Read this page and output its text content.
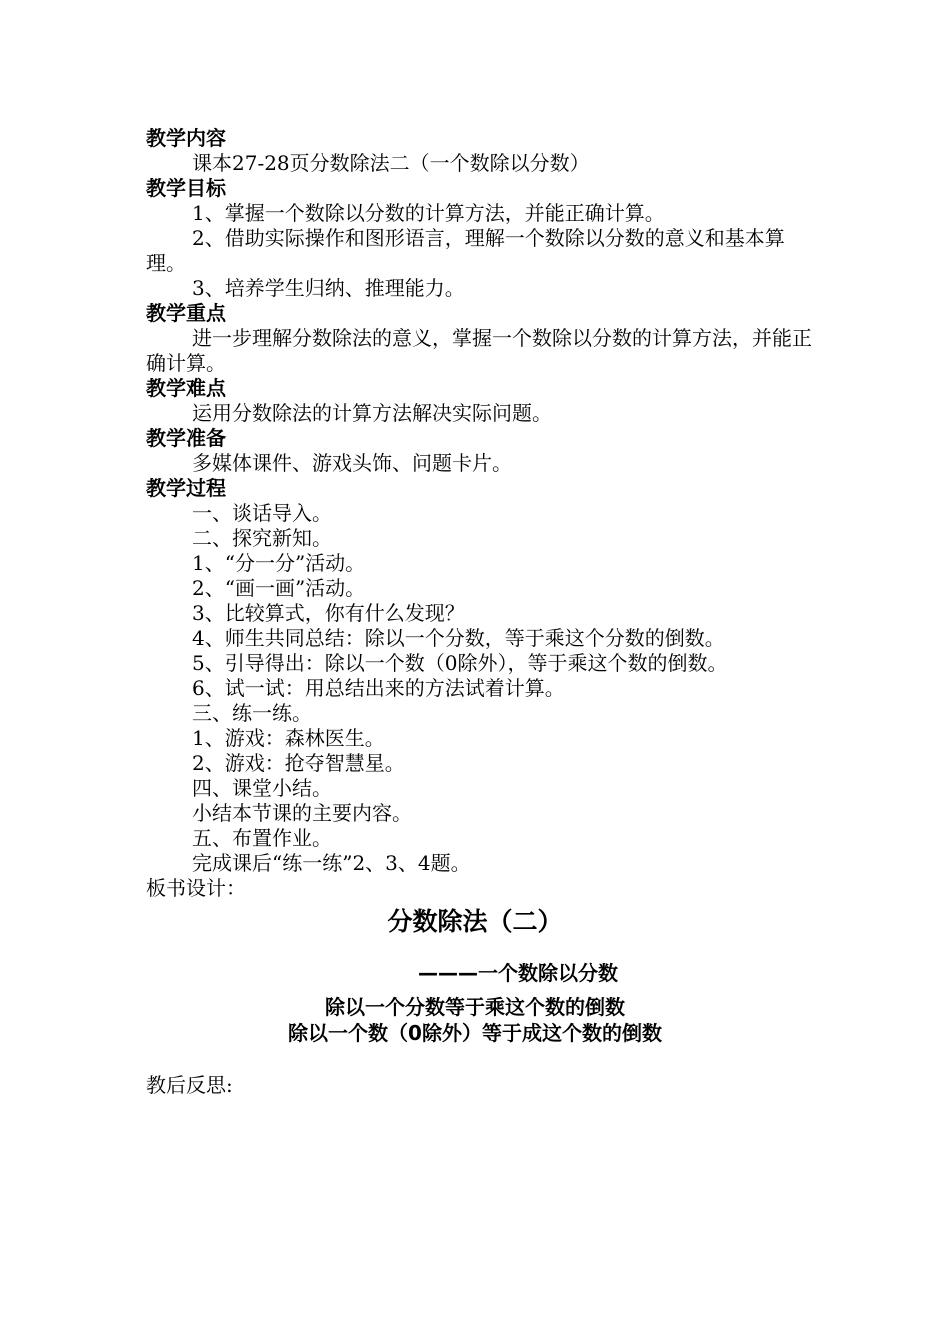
教学内容
课本27-28页分数除法二（一个数除以分数）
教学目标
1、掌握一个数除以分数的计算方法，并能正确计算。
2、借助实际操作和图形语言，理解一个数除以分数的意义和基本算理。
3、培养学生归纳、推理能力。
教学重点
进一步理解分数除法的意义，掌握一个数除以分数的计算方法，并能正确计算。
教学难点
运用分数除法的计算方法解决实际问题。
教学准备
多媒体课件、游戏头饰、问题卡片。
教学过程
一、谈话导入。
二、探究新知。
1、“分一分”活动。
2、“画一画”活动。
3、比较算式，你有什么发现？
4、师生共同总结：除以一个分数，等于乘这个分数的倒数。
5、引导得出：除以一个数（0除外），等于乘这个数的倒数。
6、试一试：用总结出来的方法试着计算。
三、练一练。
1、游戏：森林医生。
2、游戏：抢夺智慧星。
四、课堂小结。
小结本节课的主要内容。
五、布置作业。
完成课后“练一练”2、3、4题。
板书设计：
分数除法（二）
———一个数除以分数
除以一个分数等于乘这个数的倒数
除以一个数（0除外）等于成这个数的倒数
教后反思:
